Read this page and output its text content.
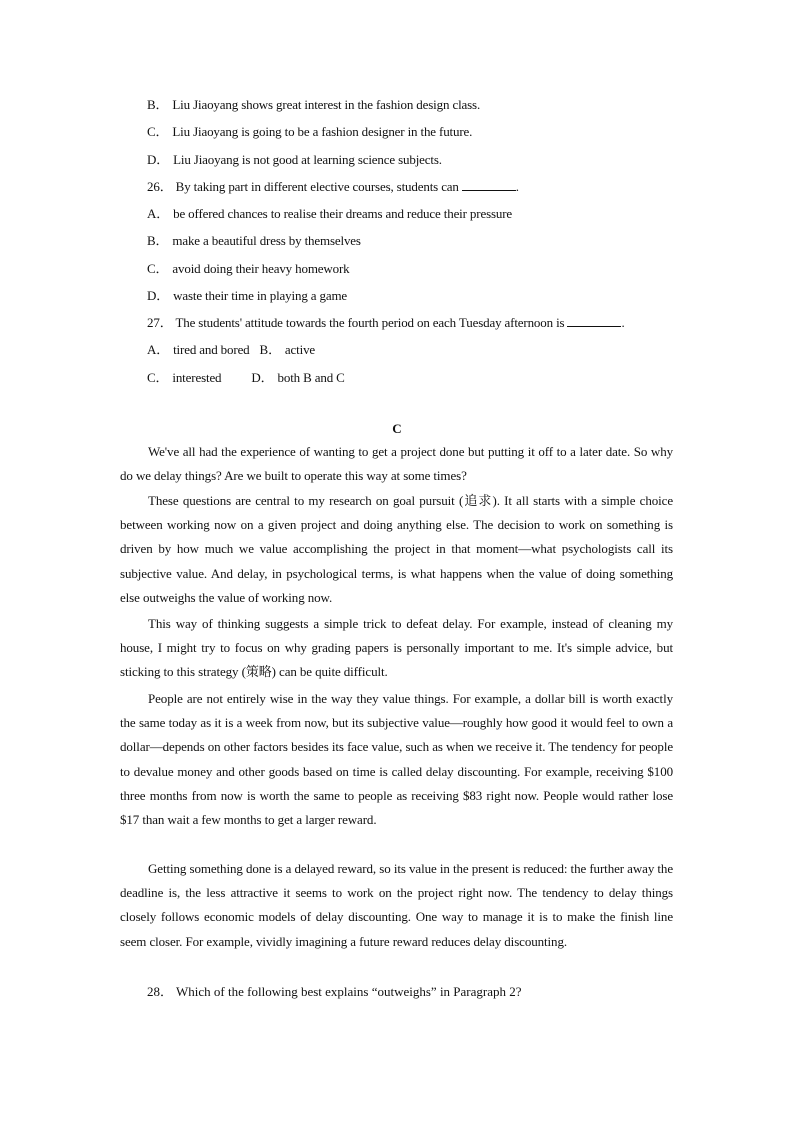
B． Liu Jiaoyang shows great interest in the fashion design class.
C． Liu Jiaoyang is going to be a fashion designer in the future.
D． Liu Jiaoyang is not good at learning science subjects.
26． By taking part in different elective courses, students can	.
A． be offered chances to realise their dreams and reduce their pressure
B． make a beautiful dress by themselves
C． avoid doing their heavy homework
D． waste their time in playing a game
27． The students' attitude towards the fourth period on each Tuesday afternoon is	.
A． tired and bored B． active
C． interested D． both B and C
C

We've all had the experience of wanting to get a project done but putting it off to a later date. So why do we delay things? Are we built to operate this way at some times?

These questions are central to my research on goal pursuit (追求). It all starts with a simple choice between working now on a given project and doing anything else. The decision to work on something is driven by how much we value accomplishing the project in that moment—what psychologists call its subjective value. And delay, in psychological terms, is what happens when the value of doing something else outweighs the value of working now.

This way of thinking suggests a simple trick to defeat delay. For example, instead of cleaning my house, I might try to focus on why grading papers is personally important to me. It's simple advice, but sticking to this strategy (策略) can be quite difficult.

People are not entirely wise in the way they value things. For example, a dollar bill is worth exactly the same today as it is a week from now, but its subjective value—roughly how good it would feel to own a dollar—depends on other factors besides its face value, such as when we receive it. The tendency for people to devalue money and other goods based on time is called delay discounting. For example, receiving $100 three months from now is worth the same to people as receiving $83 right now. People would rather lose $17 than wait a few months to get a larger reward.

Getting something done is a delayed reward, so its value in the present is reduced: the further away the deadline is, the less attractive it seems to work on the project right now. The tendency to delay things closely follows economic models of delay discounting. One way to manage it is to make the finish line seem closer. For example, vividly imagining a future reward reduces delay discounting.

28． Which of the following best explains “outweighs” in Paragraph 2?
